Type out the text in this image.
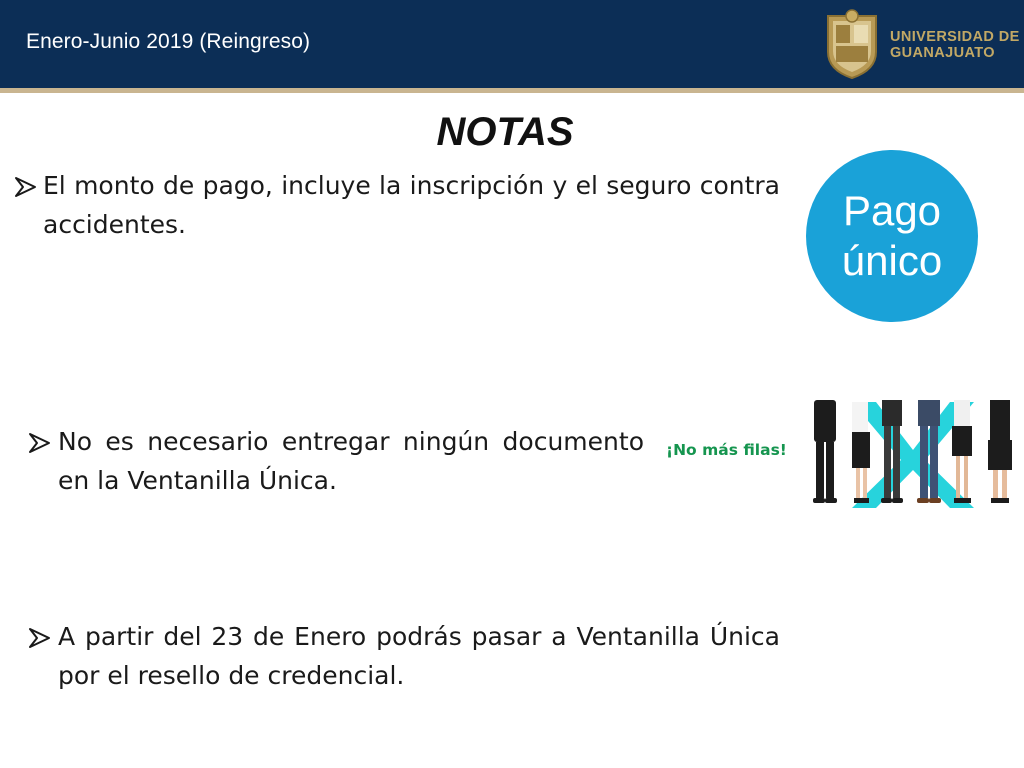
Enero-Junio 2019 (Reingreso)	UNIVERSIDAD DE
GUANAJUATO
NOTAS
El monto de pago, incluye la inscripción y el seguro contra accidentes.	Pago
único
No es necesario entregar ningún documento en la Ventanilla Única.
¡No más filas!
A partir del 23 de Enero podrás pasar a Ventanilla Única por el resello de credencial.
